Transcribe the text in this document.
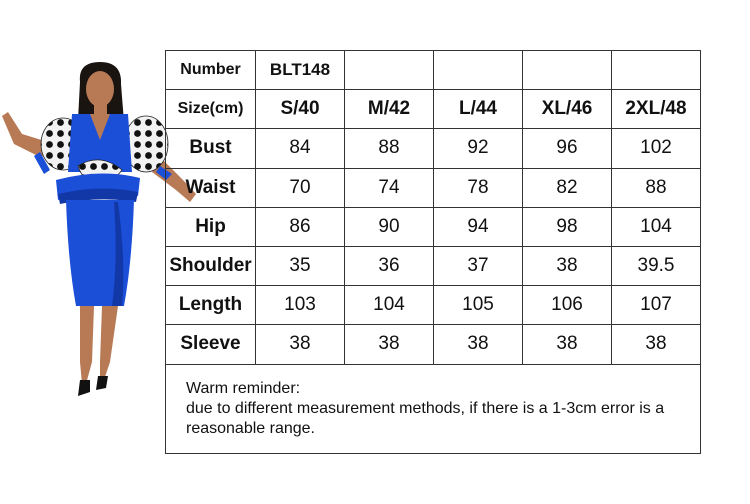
Number	BLT148				
Size(cm)	S/40	M/42	L/44	XL/46	2XL/48
Bust	84	88	92	96	102
Waist	70	74	78	82	88
Hip	86	90	94	98	104
Shoulder	35	36	37	38	39.5
Length	103	104	105	106	107
Sleeve	38	38	38	38	38

Warm reminder:
due to different measurement methods, if there is a 1-3cm error is a
reasonable range.					
